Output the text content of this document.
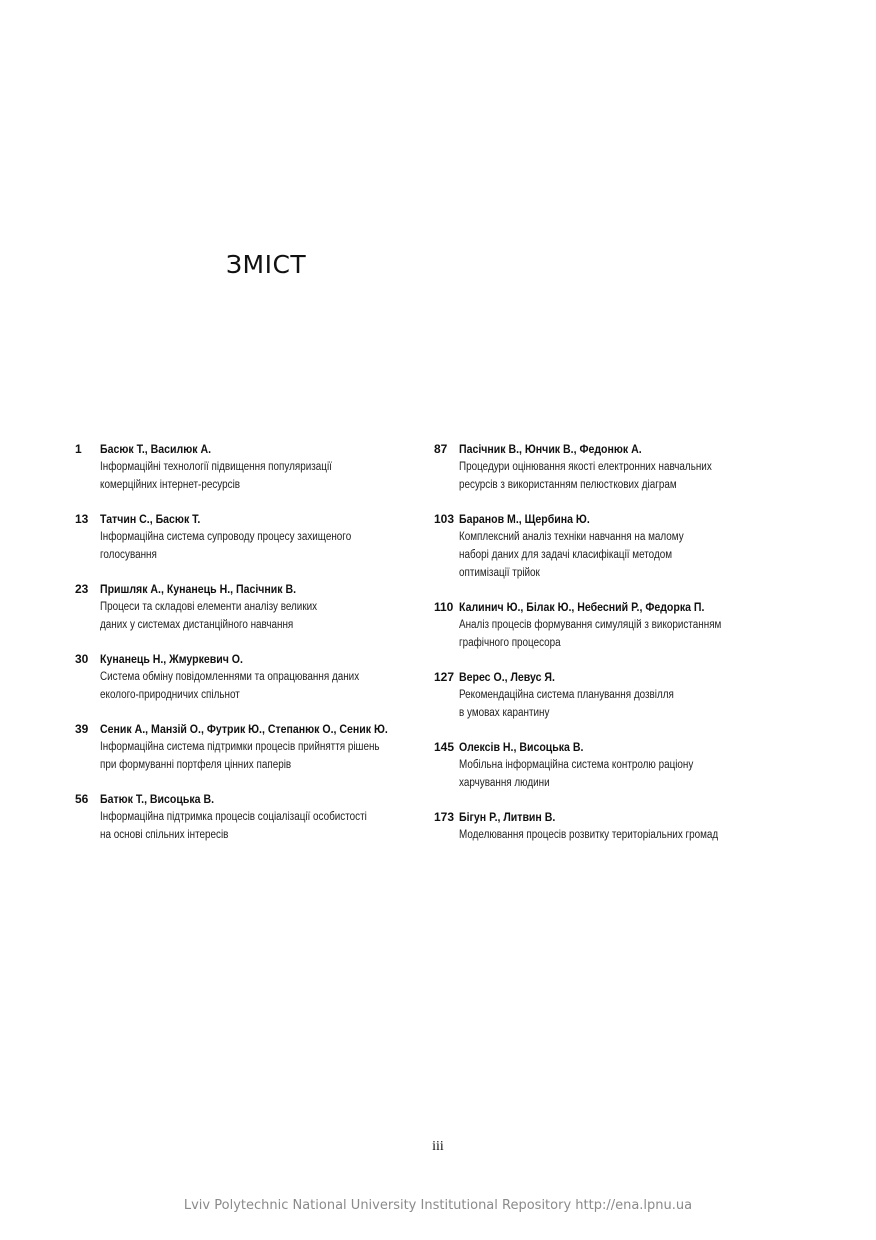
ЗМІСТ
1 Басюк Т., Василюк А.
Інформаційні технології підвищення популяризації
комерційних інтернет-ресурсів
13 Татчин С., Басюк Т.
Інформаційна система супроводу процесу захищеного
голосування
23 Пришляк А., Кунанець Н., Пасічник В.
Процеси та складові елементи аналізу великих
даних у системах дистанційного навчання
30 Кунанець Н., Жмуркевич О.
Система обміну повідомленнями та опрацювання даних
еколого-природничих спільнот
39 Сеник А., Манзій О., Футрик Ю., Степанюк О., Сеник Ю.
Інформаційна система підтримки процесів прийняття рішень
при формуванні портфеля цінних паперів
56 Батюк Т., Висоцька В.
Інформаційна підтримка процесів соціалізації особистості
на основі спільних інтересів
87 Пасічник В., Юнчик В., Федонюк А.
Процедури оцінювання якості електронних навчальних
ресурсів з використанням пелюсткових діаграм
103 Баранов М., Щербина Ю.
Комплексний аналіз техніки навчання на малому
наборі даних для задачі класифікації методом
оптимізації трійок
110 Калинич Ю., Білак Ю., Небесний Р., Федорка П.
Аналіз процесів формування симуляцій з використанням
графічного процесора
127 Верес О., Левус Я.
Рекомендаційна система планування дозвілля
в умовах карантину
145 Олексів Н., Висоцька В.
Мобільна інформаційна система контролю раціону
харчування людини
173 Бігун Р., Литвин В.
Моделювання процесів розвитку територіальних громад
iii
Lviv Polytechnic National University Institutional Repository http://ena.lpnu.ua
